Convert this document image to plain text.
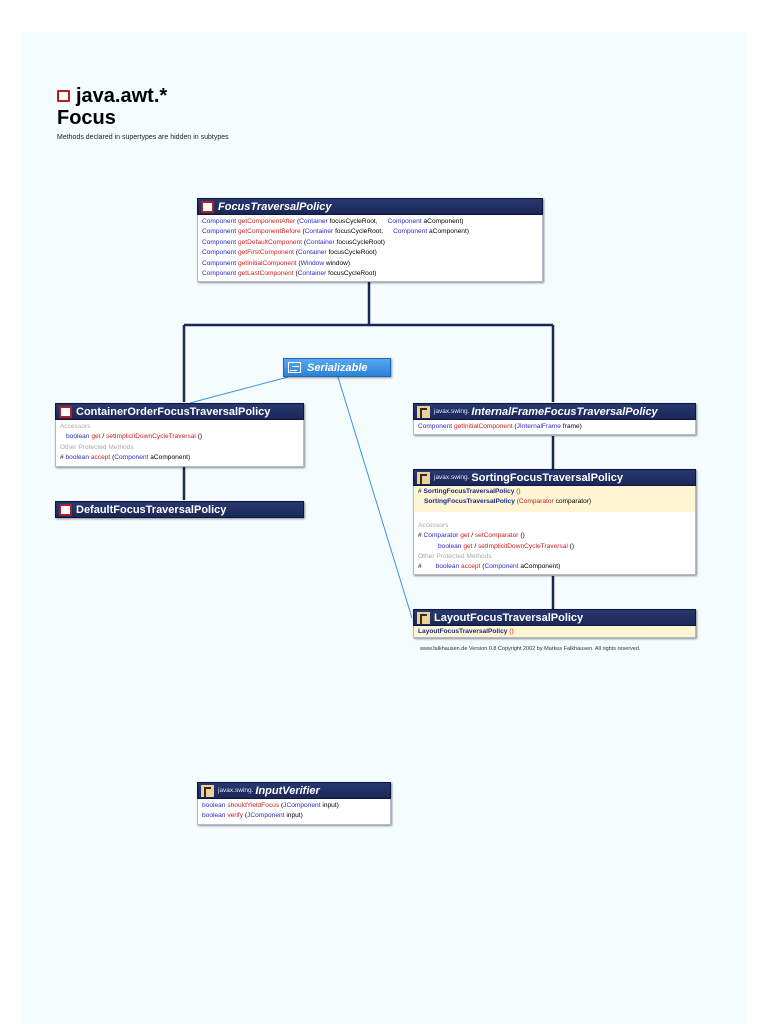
java.awt.*
Focus
Methods declared in supertypes are hidden in subtypes
FocusTraversalPolicy
Component getComponentAfter (Container focusCycleRoot, Component aComponent)
Component getComponentBefore (Container focusCycleRoot, Component aComponent)
Component getDefaultComponent (Container focusCycleRoot)
Component getFirstComponent (Container focusCycleRoot)
Component getInitialComponent (Window window)
Component getLastComponent (Container focusCycleRoot)
Serializable
ContainerOrderFocusTraversalPolicy
Accessors
boolean get / setImplicitDownCycleTraversal ()
Other Protected Methods
# boolean accept (Component aComponent)
DefaultFocusTraversalPolicy
javax.swing. InternalFrameFocusTraversalPolicy
Component getInitialComponent (JInternalFrame frame)
javax.swing. SortingFocusTraversalPolicy
# SortingFocusTraversalPolicy ()
SortingFocusTraversalPolicy (Comparator comparator)
Accessors
# Comparator get / setComparator ()
boolean get / setImplicitDownCycleTraversal ()
Other Protected Methods
# boolean accept (Component aComponent)
LayoutFocusTraversalPolicy
LayoutFocusTraversalPolicy ()
www.falkhausen.de Version 0.8 Copyright 2002 by Markus Falkhausen. All rights reserved.
javax.swing. InputVerifier
boolean shouldYieldFocus (JComponent input)
boolean verify (JComponent input)
